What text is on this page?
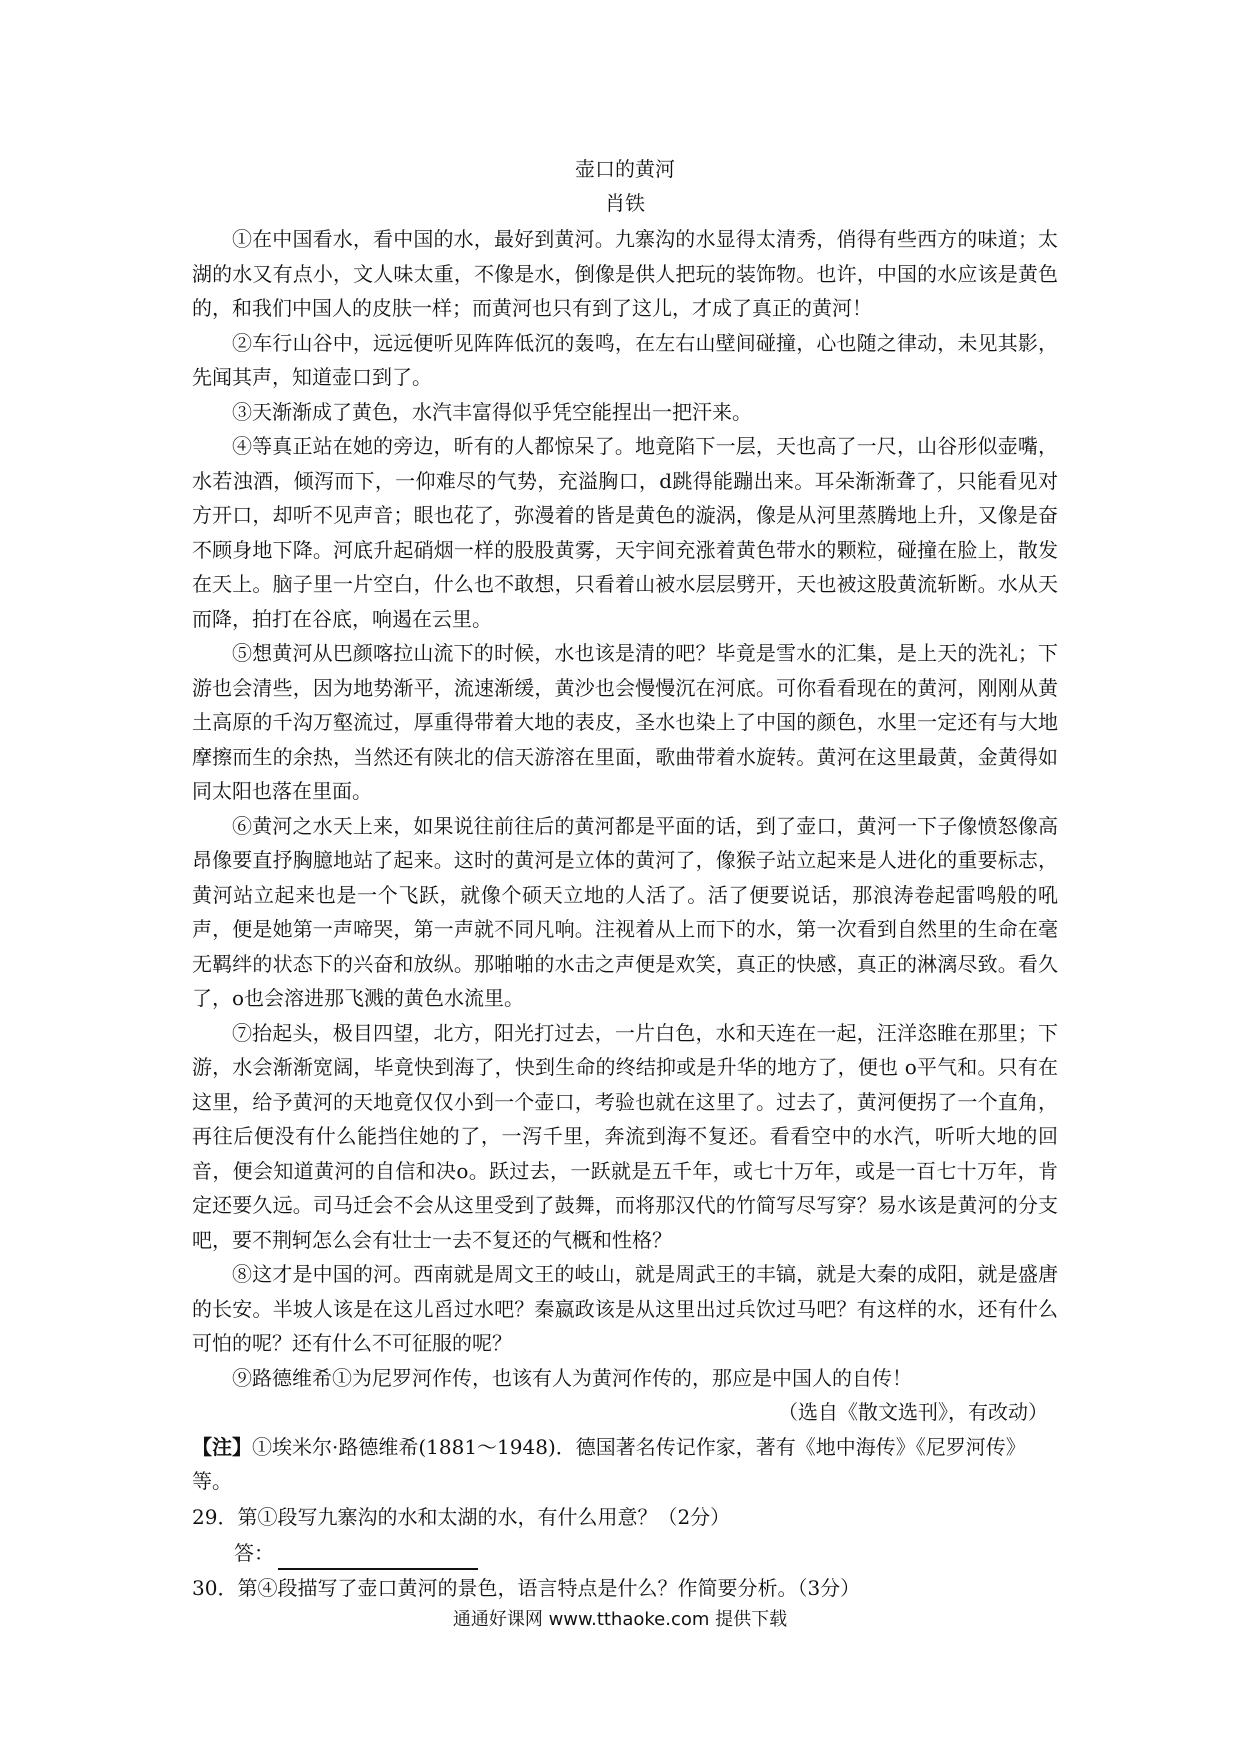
壶口的黄河

肖铁

①在中国看水，看中国的水，最好到黄河。九寨沟的水显得太清秀，俏得有些西方的味道；太湖的水又有点小，文人味太重，不像是水，倒像是供人把玩的装饰物。也许，中国的水应该是黄色的，和我们中国人的皮肤一样；而黄河也只有到了这儿，才成了真正的黄河！

②车行山谷中，远远便听见阵阵低沉的轰鸣，在左右山壁间碰撞，心也随之律动，未见其影，先闻其声，知道壶口到了。

③天渐渐成了黄色，水汽丰富得似乎凭空能捏出一把汗来。

④等真正站在她的旁边，昕有的人都惊呆了。地竟陷下一层，天也高了一尺，山谷形似壶嘴，水若浊酒，倾泻而下，一仰难尽的气势，充溢胸口，d跳得能蹦出来。耳朵渐渐聋了，只能看见对方开口，却听不见声音；眼也花了，弥漫着的皆是黄色的漩涡，像是从河里蒸腾地上升，又像是奋不顾身地下降。河底升起硝烟一样的股股黄雾，天宇间充涨着黄色带水的颗粒，碰撞在脸上，散发在天上。脑子里一片空白，什么也不敢想，只看着山被水层层劈开，天也被这股黄流斩断。水从天而降，拍打在谷底，响遏在云里。

⑤想黄河从巴颜喀拉山流下的时候，水也该是清的吧？毕竟是雪水的汇集，是上天的洗礼；下游也会清些，因为地势渐平，流速渐缓，黄沙也会慢慢沉在河底。可你看看现在的黄河，刚刚从黄土高原的千沟万壑流过，厚重得带着大地的表皮，圣水也染上了中国的颜色，水里一定还有与大地摩擦而生的余热，当然还有陕北的信天游溶在里面，歌曲带着水旋转。黄河在这里最黄，金黄得如同太阳也落在里面。

⑥黄河之水天上来，如果说往前往后的黄河都是平面的话，到了壶口，黄河一下子像愤怒像高昂像要直抒胸臆地站了起来。这时的黄河是立体的黄河了，像猴子站立起来是人进化的重要标志，黄河站立起来也是一个飞跃，就像个硕天立地的人活了。活了便要说话，那浪涛卷起雷鸣般的吼声，便是她第一声啼哭，第一声就不同凡响。注视着从上而下的水，第一次看到自然里的生命在毫无羁绊的状态下的兴奋和放纵。那啪啪的水击之声便是欢笑，真正的快感，真正的淋漓尽致。看久了，o也会溶进那飞溅的黄色水流里。

⑦抬起头，极目四望，北方，阳光打过去，一片白色，水和天连在一起，汪洋恣睢在那里；下游，水会渐渐宽阔，毕竟快到海了，快到生命的终结抑或是升华的地方了，便也 o平气和。只有在这里，给予黄河的天地竟仅仅小到一个壶口，考验也就在这里了。过去了，黄河便拐了一个直角，再往后便没有什么能挡住她的了，一泻千里，奔流到海不复还。看看空中的水汽，听听大地的回音，便会知道黄河的自信和决o。跃过去，一跃就是五千年，或七十万年，或是一百七十万年，肯定还要久远。司马迁会不会从这里受到了鼓舞，而将那汉代的竹简写尽写穿？易水该是黄河的分支吧，要不荆轲怎么会有壮士一去不复还的气概和性格？

⑧这才是中国的河。西南就是周文王的岐山，就是周武王的丰镐，就是大秦的成阳，就是盛唐的长安。半坡人该是在这儿舀过水吧？秦嬴政该是从这里出过兵饮过马吧？有这样的水，还有什么可怕的呢？还有什么不可征服的呢？

⑨路德维希①为尼罗河作传，也该有人为黄河作传的，那应是中国人的自传！

（选自《散文选刊》，有改动）

【注】①埃米尔·路德维希(1881～1948)．德国著名传记作家，著有《地中海传》《尼罗河传》等。

29．第①段写九寨沟的水和太湖的水，有什么用意？（2分）

答：

30．第④段描写了壶口黄河的景色，语言特点是什么？作简要分析。（3分）

通通好课网 www.tthaoke.com 提供下载
